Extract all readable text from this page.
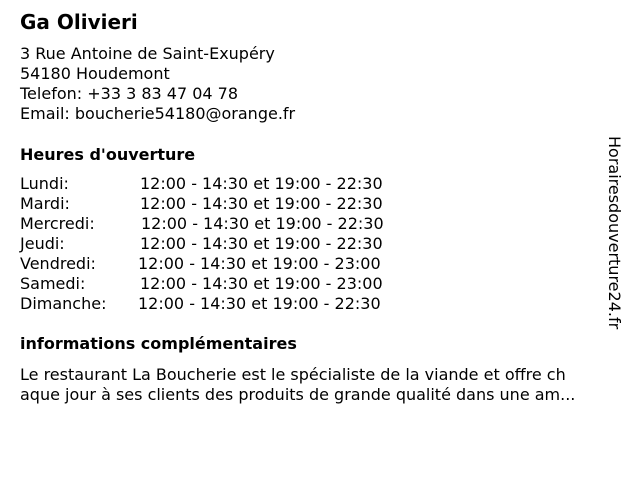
Ga Olivieri
3 Rue Antoine de Saint-Exupéry
54180 Houdemont
Telefon: +33 3 83 47 04 78
Email: boucherie54180@orange.fr
Heures d'ouverture
Lundi:	12:00 - 14:30 et 19:00 - 22:30
Mardi:	12:00 - 14:30 et 19:00 - 22:30
Mercredi:	12:00 - 14:30 et 19:00 - 22:30
Jeudi:	12:00 - 14:30 et 19:00 - 22:30
Vendredi:	12:00 - 14:30 et 19:00 - 23:00
Samedi:	12:00 - 14:30 et 19:00 - 23:00
Dimanche: 12:00 - 14:30 et 19:00 - 22:30
informations complémentaires
Le restaurant La Boucherie est le spécialiste de la viande et offre ch
aque jour à ses clients des produits de grande qualité dans une am...
Horairesdouverture24.fr
